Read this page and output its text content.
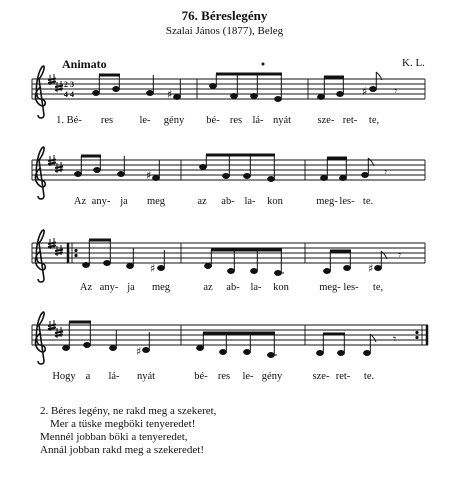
76. Béreslegény
Szalai János (1877), Beleg
Animato	K. L.
2
4
3
4	♯	♯ 𝄾
♯	𝄾
♯	♯
𝄾
♯
𝄾
1. Bé- res	le- gény bé- res lá- nyát	sze- ret- te,
Az any- ja meg	az ab- la- kon	meg- les- te.
Az any- ja meg	az ab- la- kon	meg- les- te,
Hogy a lá- nyát	bé- res le- gény	sze- ret- te.
2. Béres legény, ne rakd meg a szekeret,
Mer a tüske megböki tenyeredet!
Mennél jobban böki a tenyeredet,
Annál jobban rakd meg a szekeredet!
